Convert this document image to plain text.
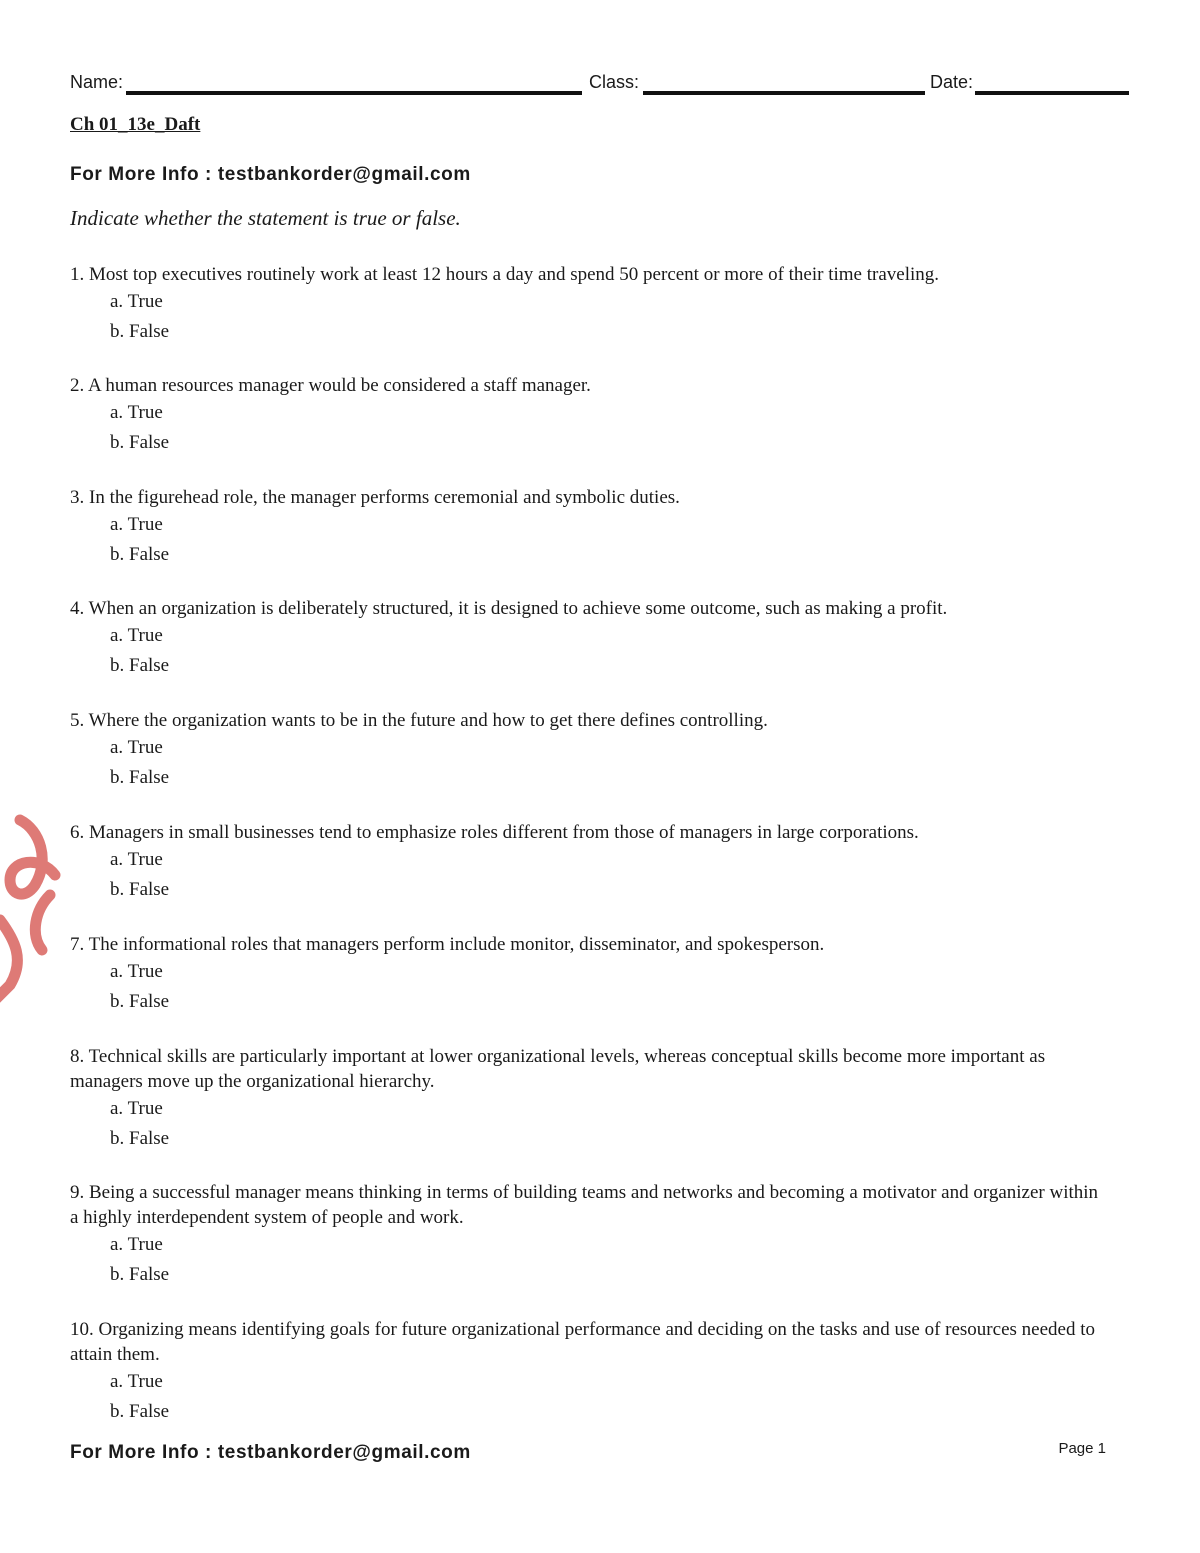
Name:	Class:	Date:
Ch 01_13e_Daft
For More Info : testbankorder@gmail.com
Indicate whether the statement is true or false.
1. Most top executives routinely work at least 12 hours a day and spend 50 percent or more of their time traveling.
a. True
b. False
2. A human resources manager would be considered a staff manager.
a. True
b. False
3. In the figurehead role, the manager performs ceremonial and symbolic duties.
a. True
b. False
4. When an organization is deliberately structured, it is designed to achieve some outcome, such as making a profit.
a. True
b. False
5. Where the organization wants to be in the future and how to get there defines controlling.
a. True
b. False
6. Managers in small businesses tend to emphasize roles different from those of managers in large corporations.
a. True
b. False
7. The informational roles that managers perform include monitor, disseminator, and spokesperson.
a. True
b. False
8. Technical skills are particularly important at lower organizational levels, whereas conceptual skills become more important as managers move up the organizational hierarchy.
a. True
b. False
9. Being a successful manager means thinking in terms of building teams and networks and becoming a motivator and organizer within a highly interdependent system of people and work.
a. True
b. False
10. Organizing means identifying goals for future organizational performance and deciding on the tasks and use of resources needed to attain them.
a. True
b. False
For More Info : testbankorder@gmail.com	Page 1
